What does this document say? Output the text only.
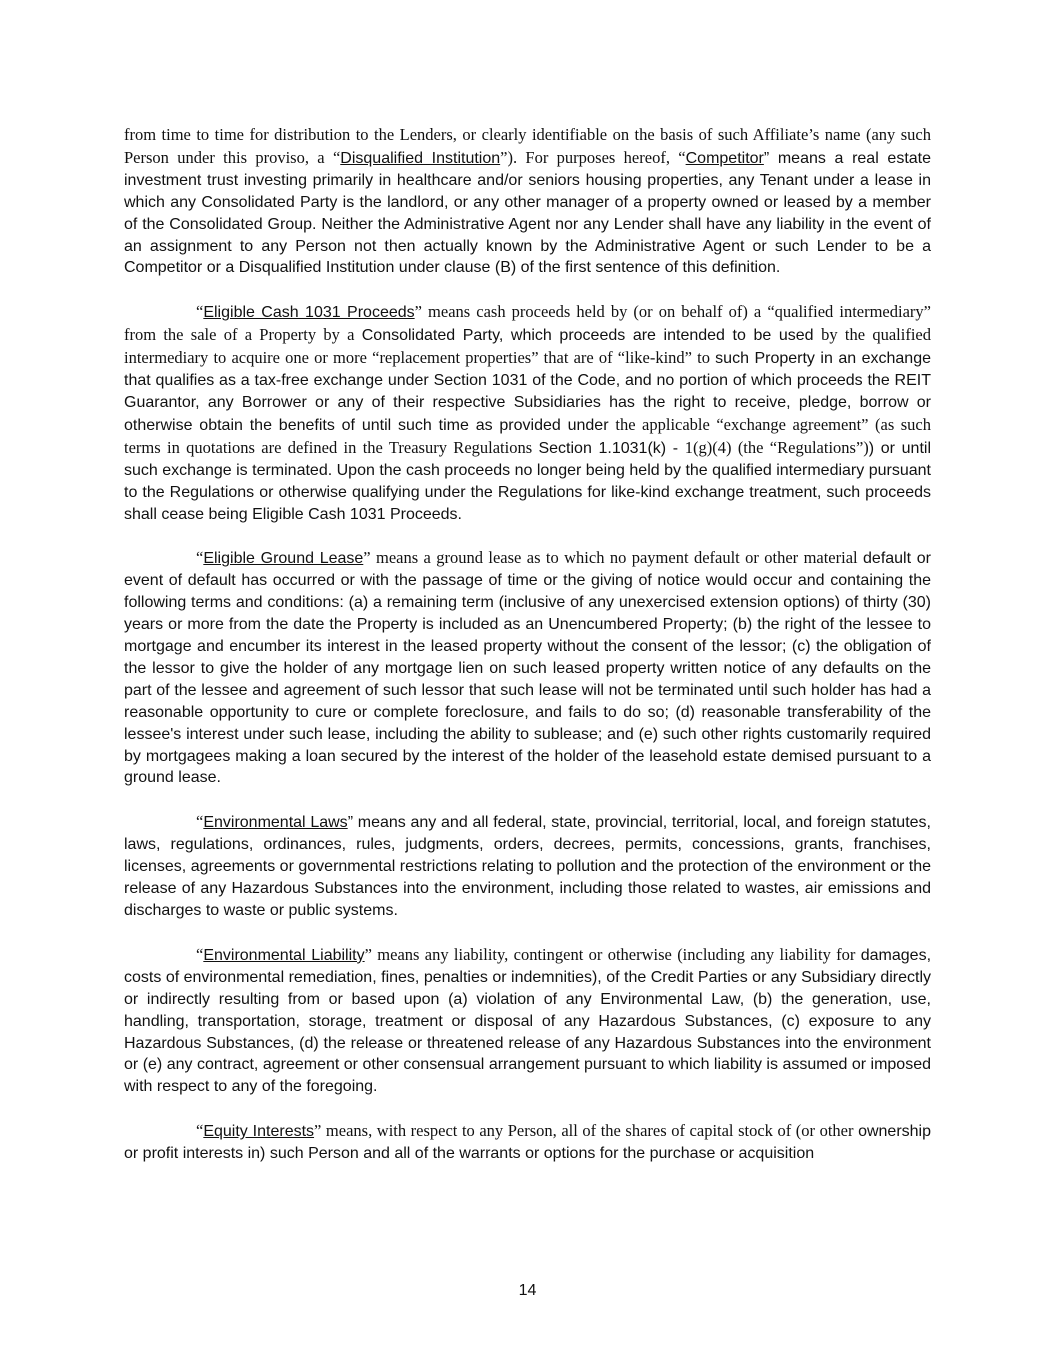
from time to time for distribution to the Lenders, or clearly identifiable on the basis of such Affiliate’s name (any such Person under this proviso, a “Disqualified Institution”). For purposes hereof, “Competitor” means a real estate investment trust investing primarily in healthcare and/or seniors housing properties, any Tenant under a lease in which any Consolidated Party is the landlord, or any other manager of a property owned or leased by a member of the Consolidated Group. Neither the Administrative Agent nor any Lender shall have any liability in the event of an assignment to any Person not then actually known by the Administrative Agent or such Lender to be a Competitor or a Disqualified Institution under clause (B) of the first sentence of this definition.

“Eligible Cash 1031 Proceeds” means cash proceeds held by (or on behalf of) a “qualified intermediary” from the sale of a Property by a Consolidated Party, which proceeds are intended to be used by the qualified intermediary to acquire one or more “replacement properties” that are of “like-kind” to such Property in an exchange that qualifies as a tax-free exchange under Section 1031 of the Code, and no portion of which proceeds the REIT Guarantor, any Borrower or any of their respective Subsidiaries has the right to receive, pledge, borrow or otherwise obtain the benefits of until such time as provided under the applicable “exchange agreement” (as such terms in quotations are defined in the Treasury Regulations Section 1.1031(k) - 1(g)(4) (the “Regulations”)) or until such exchange is terminated. Upon the cash proceeds no longer being held by the qualified intermediary pursuant to the Regulations or otherwise qualifying under the Regulations for like-kind exchange treatment, such proceeds shall cease being Eligible Cash 1031 Proceeds.

“Eligible Ground Lease” means a ground lease as to which no payment default or other material default or event of default has occurred or with the passage of time or the giving of notice would occur and containing the following terms and conditions: (a) a remaining term (inclusive of any unexercised extension options) of thirty (30) years or more from the date the Property is included as an Unencumbered Property; (b) the right of the lessee to mortgage and encumber its interest in the leased property without the consent of the lessor; (c) the obligation of the lessor to give the holder of any mortgage lien on such leased property written notice of any defaults on the part of the lessee and agreement of such lessor that such lease will not be terminated until such holder has had a reasonable opportunity to cure or complete foreclosure, and fails to do so; (d) reasonable transferability of the lessee's interest under such lease, including the ability to sublease; and (e) such other rights customarily required by mortgagees making a loan secured by the interest of the holder of the leasehold estate demised pursuant to a ground lease.

“Environmental Laws” means any and all federal, state, provincial, territorial, local, and foreign statutes, laws, regulations, ordinances, rules, judgments, orders, decrees, permits, concessions, grants, franchises, licenses, agreements or governmental restrictions relating to pollution and the protection of the environment or the release of any Hazardous Substances into the environment, including those related to wastes, air emissions and discharges to waste or public systems.

“Environmental Liability” means any liability, contingent or otherwise (including any liability for damages, costs of environmental remediation, fines, penalties or indemnities), of the Credit Parties or any Subsidiary directly or indirectly resulting from or based upon (a) violation of any Environmental Law, (b) the generation, use, handling, transportation, storage, treatment or disposal of any Hazardous Substances, (c) exposure to any Hazardous Substances, (d) the release or threatened release of any Hazardous Substances into the environment or (e) any contract, agreement or other consensual arrangement pursuant to which liability is assumed or imposed with respect to any of the foregoing.

“Equity Interests” means, with respect to any Person, all of the shares of capital stock of (or other ownership or profit interests in) such Person and all of the warrants or options for the purchase or acquisition

14
